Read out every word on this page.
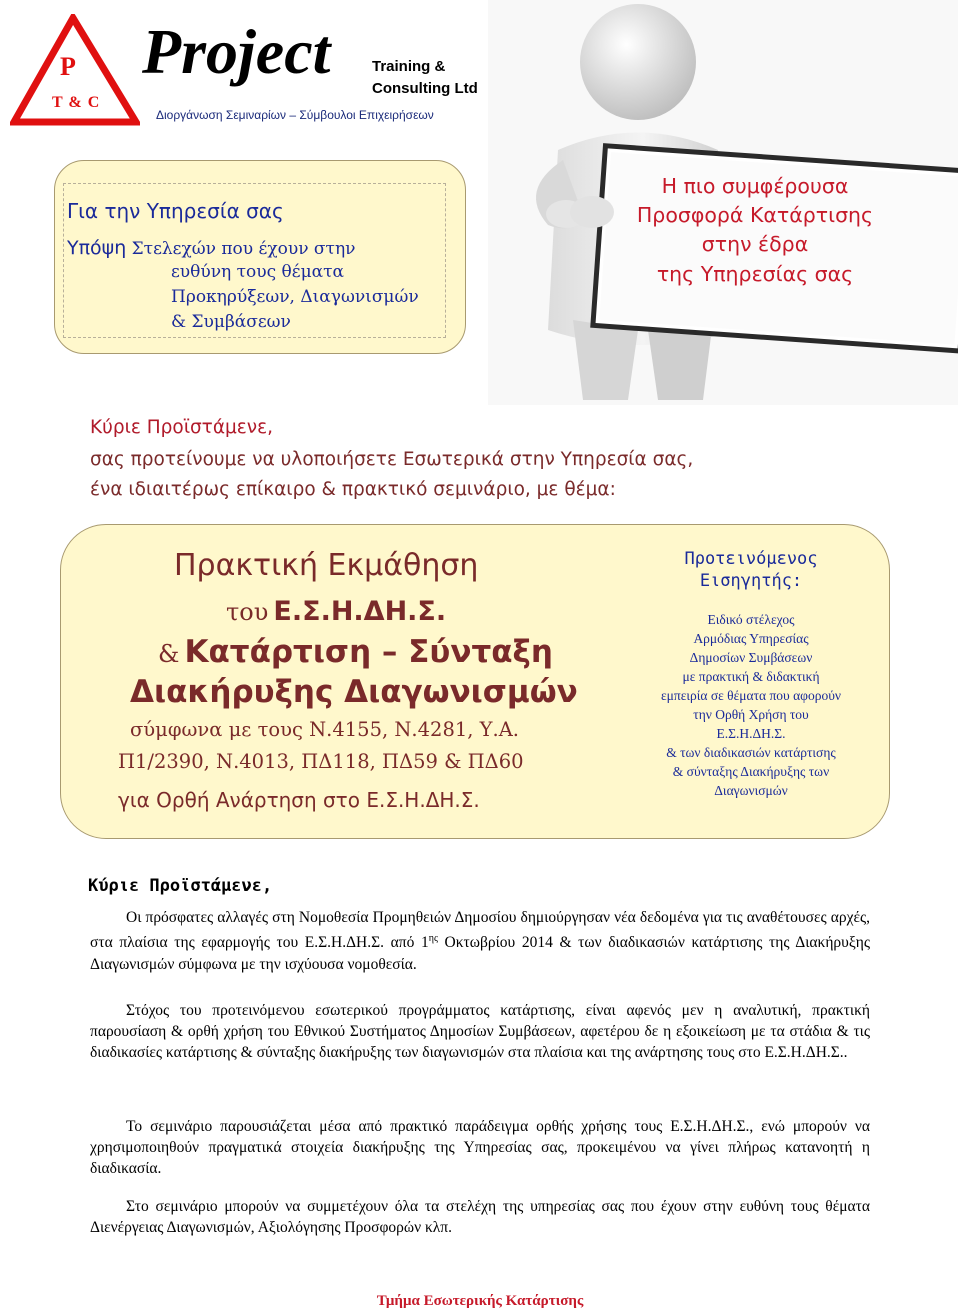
P
T & C
Project	Training &
Consulting Ltd
Διοργάνωση Σεμιναρίων – Σύμβουλοι Επιχειρήσεων
Για την Υπηρεσία σας
Υπόψη Στελεχών που έχουν στην
ευθύνη τους θέματα
Προκηρύξεων, Διαγωνισμών
& Συμβάσεων
Η πιο συμφέρουσα
Προσφορά Κατάρτισης
στην έδρα
της Υπηρεσίας σας
Κύριε Προϊστάμενε,
σας προτείνουμε να υλοποιήσετε Εσωτερικά στην Υπηρεσία σας,
ένα ιδιαιτέρως επίκαιρο & πρακτικό σεμινάριο, με θέμα:
Πρακτική Εκμάθηση
του Ε.Σ.Η.ΔΗ.Σ.
& Κατάρτιση – Σύνταξη
Διακήρυξης Διαγωνισμών
σύμφωνα με τους Ν.4155, Ν.4281, Υ.Α.
Π1/2390, Ν.4013, ΠΔ118, ΠΔ59 & ΠΔ60
για Ορθή Ανάρτηση στο Ε.Σ.Η.ΔΗ.Σ.
Προτεινόμενος
Εισηγητής:
Ειδικό στέλεχος
Αρμόδιας Υπηρεσίας
Δημοσίων Συμβάσεων
με πρακτική & διδακτική
εμπειρία σε θέματα που αφορούν
την Ορθή Χρήση του
Ε.Σ.Η.ΔΗ.Σ.
& των διαδικασιών κατάρτισης
& σύνταξης Διακήρυξης των
Διαγωνισμών
Κύριε Προϊστάμενε,
Οι πρόσφατες αλλαγές στη Νομοθεσία Προμηθειών Δημοσίου δημιούργησαν νέα δεδομένα για τις αναθέτουσες αρχές, στα πλαίσια της εφαρμογής του Ε.Σ.Η.ΔΗ.Σ. από $1^{\eta\varsigma}$ Οκτωβρίου 2014 & των διαδικασιών κατάρτισης της Διακήρυξης Διαγωνισμών σύμφωνα με την ισχύουσα νομοθεσία.
Στόχος του προτεινόμενου εσωτερικού προγράμματος κατάρτισης, είναι αφενός μεν η αναλυτική, πρακτική παρουσίαση & ορθή χρήση του Εθνικού Συστήματος Δημοσίων Συμβάσεων, αφετέρου δε η εξοικείωση με τα στάδια & τις διαδικασίες κατάρτισης & σύνταξης διακήρυξης των διαγωνισμών στα πλαίσια και της ανάρτησης τους στο Ε.Σ.Η.ΔΗ.Σ..
Το σεμινάριο παρουσιάζεται μέσα από πρακτικό παράδειγμα ορθής χρήσης τους Ε.Σ.Η.ΔΗ.Σ., ενώ μπορούν να χρησιμοποιηθούν πραγματικά στοιχεία διακήρυξης της Υπηρεσίας σας, προκειμένου να γίνει πλήρως κατανοητή η διαδικασία.
Στο σεμινάριο μπορούν να συμμετέχουν όλα τα στελέχη της υπηρεσίας σας που έχουν στην ευθύνη τους θέματα Διενέργειας Διαγωνισμών, Αξιολόγησης Προσφορών κλπ.
Τμήμα Εσωτερικής Κατάρτισης
